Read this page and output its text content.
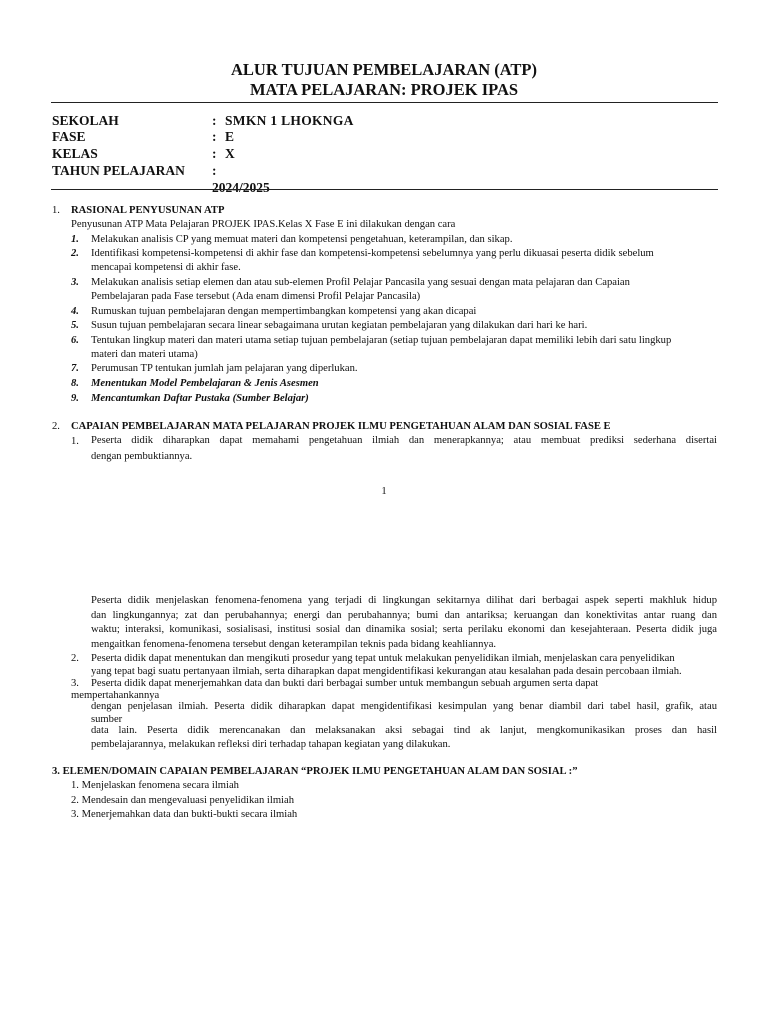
ALUR TUJUAN PEMBELAJARAN (ATP)
MATA PELAJARAN: PROJEK IPAS
SEKOLAH	: SMKN 1 LHOKNGA
FASE	: E
KELAS	: X
TAHUN PELAJARAN : 2024/2025
1. RASIONAL PENYUSUNAN ATP
Penyusunan ATP Mata Pelajaran PROJEK IPAS.Kelas X Fase E ini dilakukan dengan cara
1. Melakukan analisis CP yang memuat materi dan kompetensi pengetahuan, keterampilan, dan sikap.
2. Identifikasi kompetensi-kompetensi di akhir fase dan kompetensi-kompetensi sebelumnya yang perlu dikuasai peserta didik sebelum
mencapai kompetensi di akhir fase.
3. Melakukan analisis setiap elemen dan atau sub-elemen Profil Pelajar Pancasila yang sesuai dengan mata pelajaran dan Capaian
Pembelajaran pada Fase tersebut (Ada enam dimensi Profil Pelajar Pancasila)
4. Rumuskan tujuan pembelajaran dengan mempertimbangkan kompetensi yang akan dicapai
5. Susun tujuan pembelajaran secara linear sebagaimana urutan kegiatan pembelajaran yang dilakukan dari hari ke hari.
6. Tentukan lingkup materi dan materi utama setiap tujuan pembelajaran (setiap tujuan pembelajaran dapat memiliki lebih dari satu lingkup
materi dan materi utama)
7. Perumusan TP tentukan jumlah jam pelajaran yang diperlukan.
8. Menentukan Model Pembelajaran & Jenis Asesmen
9. Mencantumkan Daftar Pustaka (Sumber Belajar)
2. CAPAIAN PEMBELAJARAN MATA PELAJARAN PROJEK ILMU PENGETAHUAN ALAM DAN SOSIAL FASE E
1. Peserta didik diharapkan dapat memahami pengetahuan ilmiah dan menerapkannya; atau membuat prediksi sederhana disertai
dengan pembuktiannya.
1
Peserta didik menjelaskan fenomena-fenomena yang terjadi di lingkungan sekitarnya dilihat dari berbagai aspek seperti makhluk hidup
dan lingkungannya; zat dan perubahannya; energi dan perubahannya; bumi dan antariksa; keruangan dan konektivitas antar ruang dan
waktu; interaksi, komunikasi, sosialisasi, institusi sosial dan dinamika sosial; serta perilaku ekonomi dan kesejahteraan. Peserta didik juga
mengaitkan fenomena-fenomena tersebut dengan keterampilan teknis pada bidang keahliannya.
2. Peserta didik dapat menentukan dan mengikuti prosedur yang tepat untuk melakukan penyelidikan ilmiah, menjelaskan cara penyelidikan
yang tepat bagi suatu pertanyaan ilmiah, serta diharapkan dapat mengidentifikasi kekurangan atau kesalahan pada desain percobaan ilmiah.
3. Peserta didik dapat menerjemahkan data dan bukti dari berbagai sumber untuk membangun sebuah argumen serta dapat
mempertahankannya
dengan penjelasan ilmiah. Peserta didik diharapkan dapat mengidentifikasi kesimpulan yang benar diambil dari tabel hasil, grafik, atau
sumber
data lain. Peserta didik merencanakan dan melaksanakan aksi sebagai tind ak lanjut, mengkomunikasikan proses dan hasil
pembelajarannya, melakukan refleksi diri terhadap tahapan kegiatan yang dilakukan.
3. ELEMEN/DOMAIN CAPAIAN PEMBELAJARAN “PROJEK ILMU PENGETAHUAN ALAM DAN SOSIAL :”
1. Menjelaskan fenomena secara ilmiah
2. Mendesain dan mengevaluasi penyelidikan ilmiah
3. Menerjemahkan data dan bukti-bukti secara ilmiah
